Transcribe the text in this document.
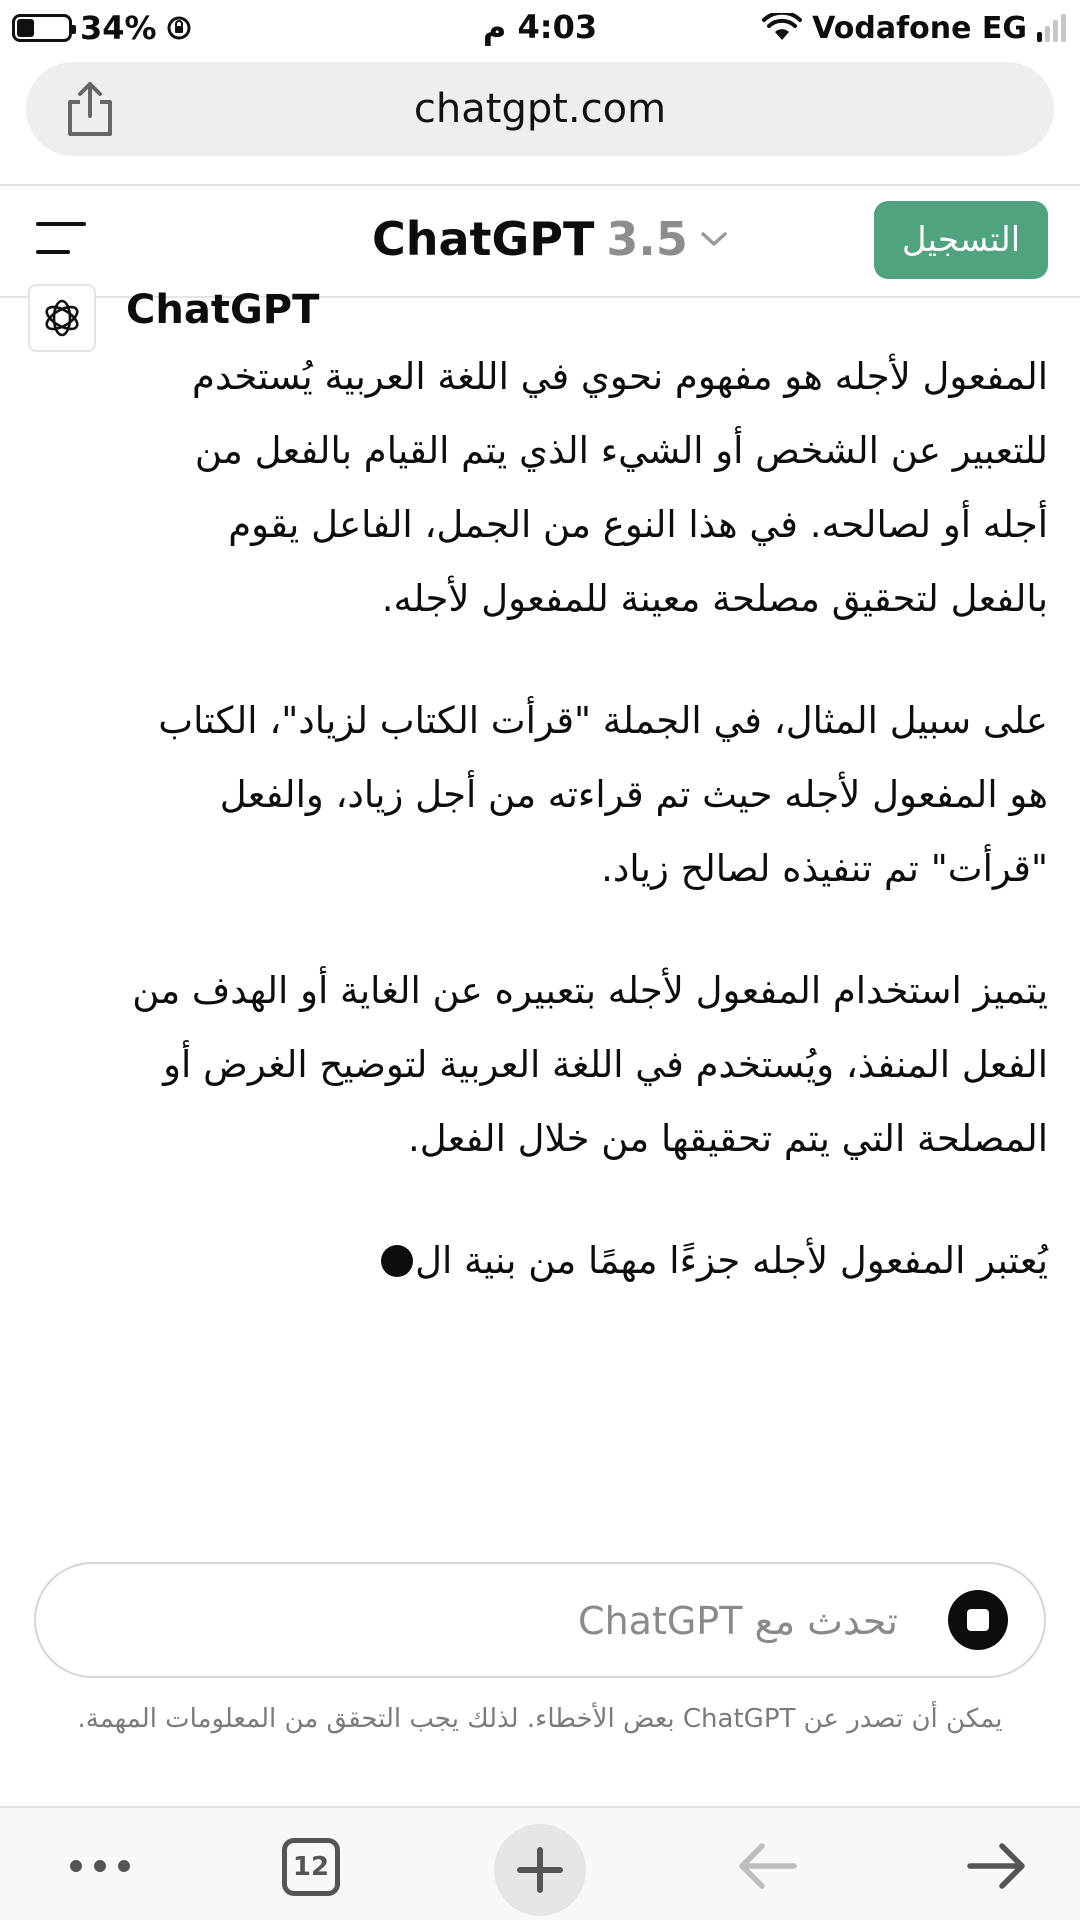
34%	4:03 م	Vodafone EG
chatgpt.com
ChatGPT 3.5	التسجيل
ChatGPT

المفعول لأجله هو مفهوم نحوي في اللغة العربية يُستخدم للتعبير عن الشخص أو الشيء الذي يتم القيام بالفعل من أجله أو لصالحه. في هذا النوع من الجمل، الفاعل يقوم بالفعل لتحقيق مصلحة معينة للمفعول لأجله.

على سبيل المثال، في الجملة "قرأت الكتاب لزياد"، الكتاب هو المفعول لأجله حيث تم قراءته من أجل زياد، والفعل "قرأت" تم تنفيذه لصالح زياد.

يتميز استخدام المفعول لأجله بتعبيره عن الغاية أو الهدف من الفعل المنفذ، ويُستخدم في اللغة العربية لتوضيح الغرض أو المصلحة التي يتم تحقيقها من خلال الفعل.

يُعتبر المفعول لأجله جزءًا مهمًا من بنية ال

تحدث مع ChatGPT
يمكن أن تصدر عن ChatGPT بعض الأخطاء. لذلك يجب التحقق من المعلومات المهمة.
12
